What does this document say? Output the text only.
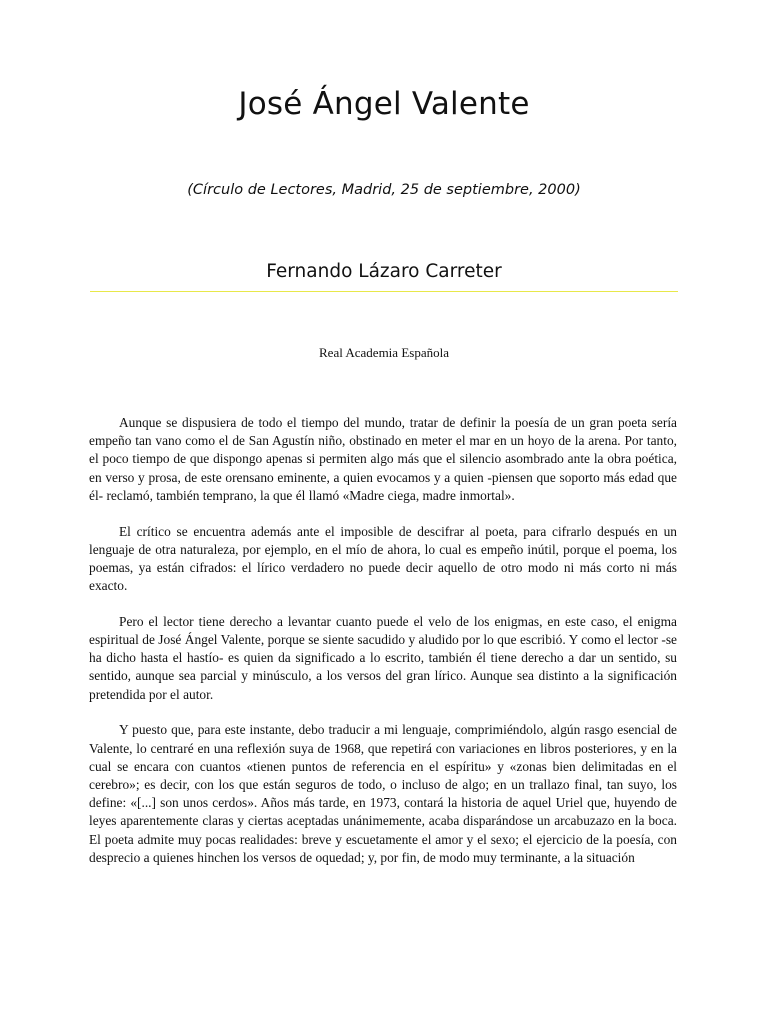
José Ángel Valente

(Círculo de Lectores, Madrid, 25 de septiembre, 2000)

Fernando Lázaro Carreter

Real Academia Española

Aunque se dispusiera de todo el tiempo del mundo, tratar de definir la poesía de un gran poeta sería empeño tan vano como el de San Agustín niño, obstinado en meter el mar en un hoyo de la arena. Por tanto, el poco tiempo de que dispongo apenas si permiten algo más que el silencio asombrado ante la obra poética, en verso y prosa, de este orensano eminente, a quien evocamos y a quien -piensen que soporto más edad que él- reclamó, también temprano, la que él llamó «Madre ciega, madre inmortal».

El crítico se encuentra además ante el imposible de descifrar al poeta, para cifrarlo después en un lenguaje de otra naturaleza, por ejemplo, en el mío de ahora, lo cual es empeño inútil, porque el poema, los poemas, ya están cifrados: el lírico verdadero no puede decir aquello de otro modo ni más corto ni más exacto.

Pero el lector tiene derecho a levantar cuanto puede el velo de los enigmas, en este caso, el enigma espiritual de José Ángel Valente, porque se siente sacudido y aludido por lo que escribió. Y como el lector -se ha dicho hasta el hastío- es quien da significado a lo escrito, también él tiene derecho a dar un sentido, su sentido, aunque sea parcial y minúsculo, a los versos del gran lírico. Aunque sea distinto a la significación pretendida por el autor.

Y puesto que, para este instante, debo traducir a mi lenguaje, comprimiéndolo, algún rasgo esencial de Valente, lo centraré en una reflexión suya de 1968, que repetirá con variaciones en libros posteriores, y en la cual se encara con cuantos «tienen puntos de referencia en el espíritu» y «zonas bien delimitadas en el cerebro»; es decir, con los que están seguros de todo, o incluso de algo; en un trallazo final, tan suyo, los define: «[...] son unos cerdos». Años más tarde, en 1973, contará la historia de aquel Uriel que, huyendo de leyes aparentemente claras y ciertas aceptadas unánimemente, acaba disparándose un arcabuzazo en la boca. El poeta admite muy pocas realidades: breve y escuetamente el amor y el sexo; el ejercicio de la poesía, con desprecio a quienes hinchen los versos de oquedad; y, por fin, de modo muy terminante, a la situación
